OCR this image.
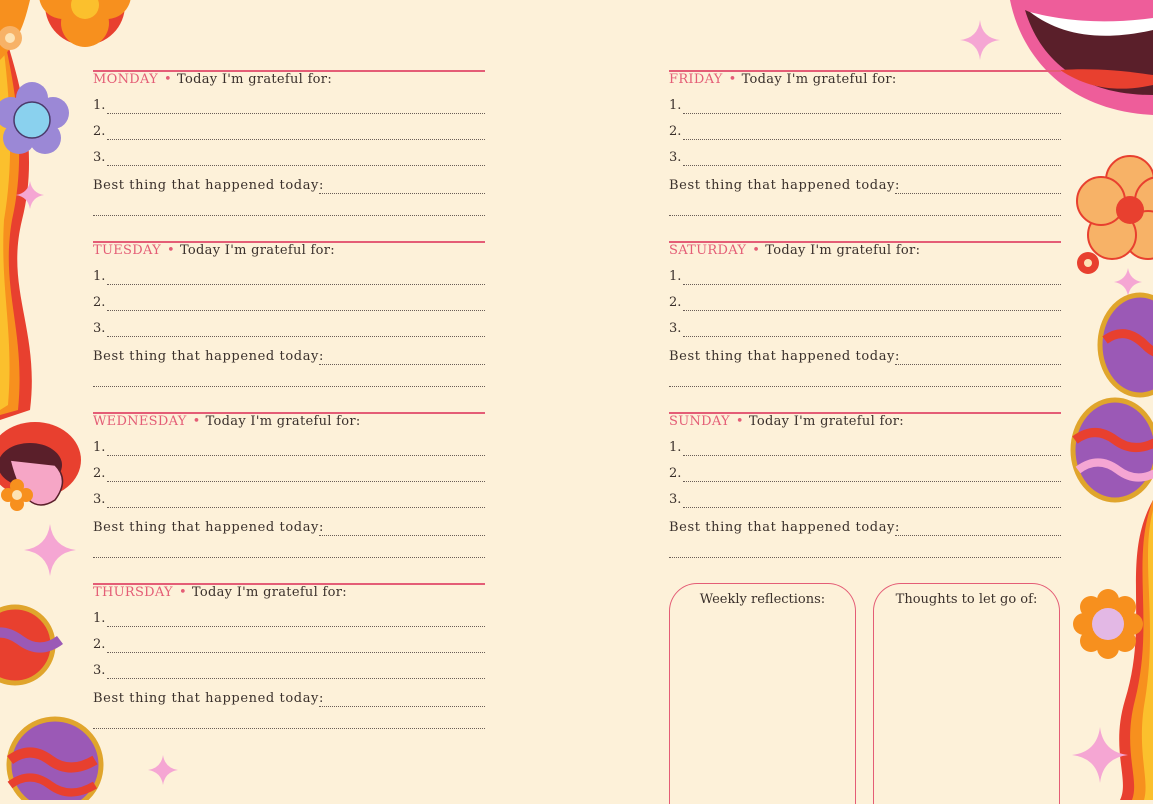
MONDAY • Today I'm grateful for:
1.
2.
3.
Best thing that happened today:
TUESDAY • Today I'm grateful for:
1.
2.
3.
Best thing that happened today:
WEDNESDAY • Today I'm grateful for:
1.
2.
3.
Best thing that happened today:
THURSDAY • Today I'm grateful for:
1.
2.
3.
Best thing that happened today:
FRIDAY • Today I'm grateful for:
1.
2.
3.
Best thing that happened today:
SATURDAY • Today I'm grateful for:
1.
2.
3.
Best thing that happened today:
SUNDAY • Today I'm grateful for:
1.
2.
3.
Best thing that happened today:
Weekly reflections:	Thoughts to let go of:
